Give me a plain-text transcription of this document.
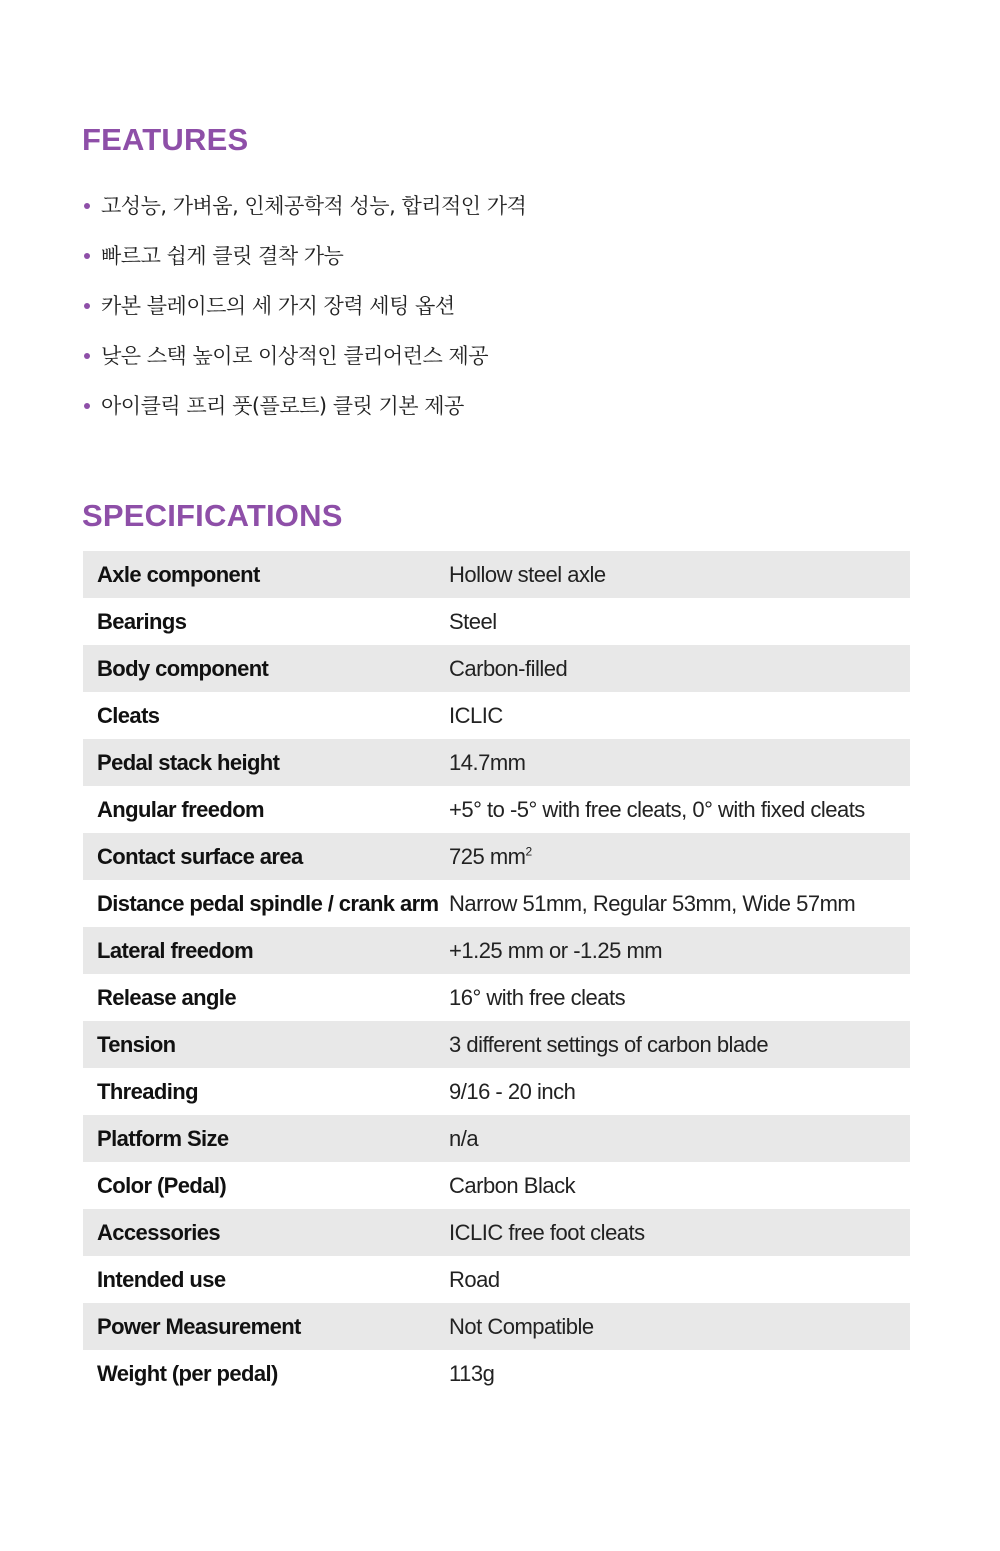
FEATURES
고성능, 가벼움, 인체공학적 성능, 합리적인 가격
빠르고 쉽게 클릿 결착 가능
카본 블레이드의 세 가지 장력 세팅 옵션
낮은 스택 높이로 이상적인 클리어런스 제공
아이클릭 프리 풋(플로트) 클릿 기본 제공
SPECIFICATIONS
Axle component	Hollow steel axle
Bearings	Steel
Body component	Carbon-filled
Cleats	ICLIC
Pedal stack height	14.7mm
Angular freedom	+5° to -5° with free cleats, 0° with fixed cleats
Contact surface area	725 $mm^2$
Distance pedal spindle / crank arm	Narrow 51mm, Regular 53mm, Wide 57mm
Lateral freedom	+1.25 mm or -1.25 mm
Release angle	16° with free cleats
Tension	3 different settings of carbon blade
Threading	9/16 - 20 inch
Platform Size	n/a
Color (Pedal)	Carbon Black
Accessories	ICLIC free foot cleats
Intended use	Road
Power Measurement	Not Compatible
Weight (per pedal)	113g
